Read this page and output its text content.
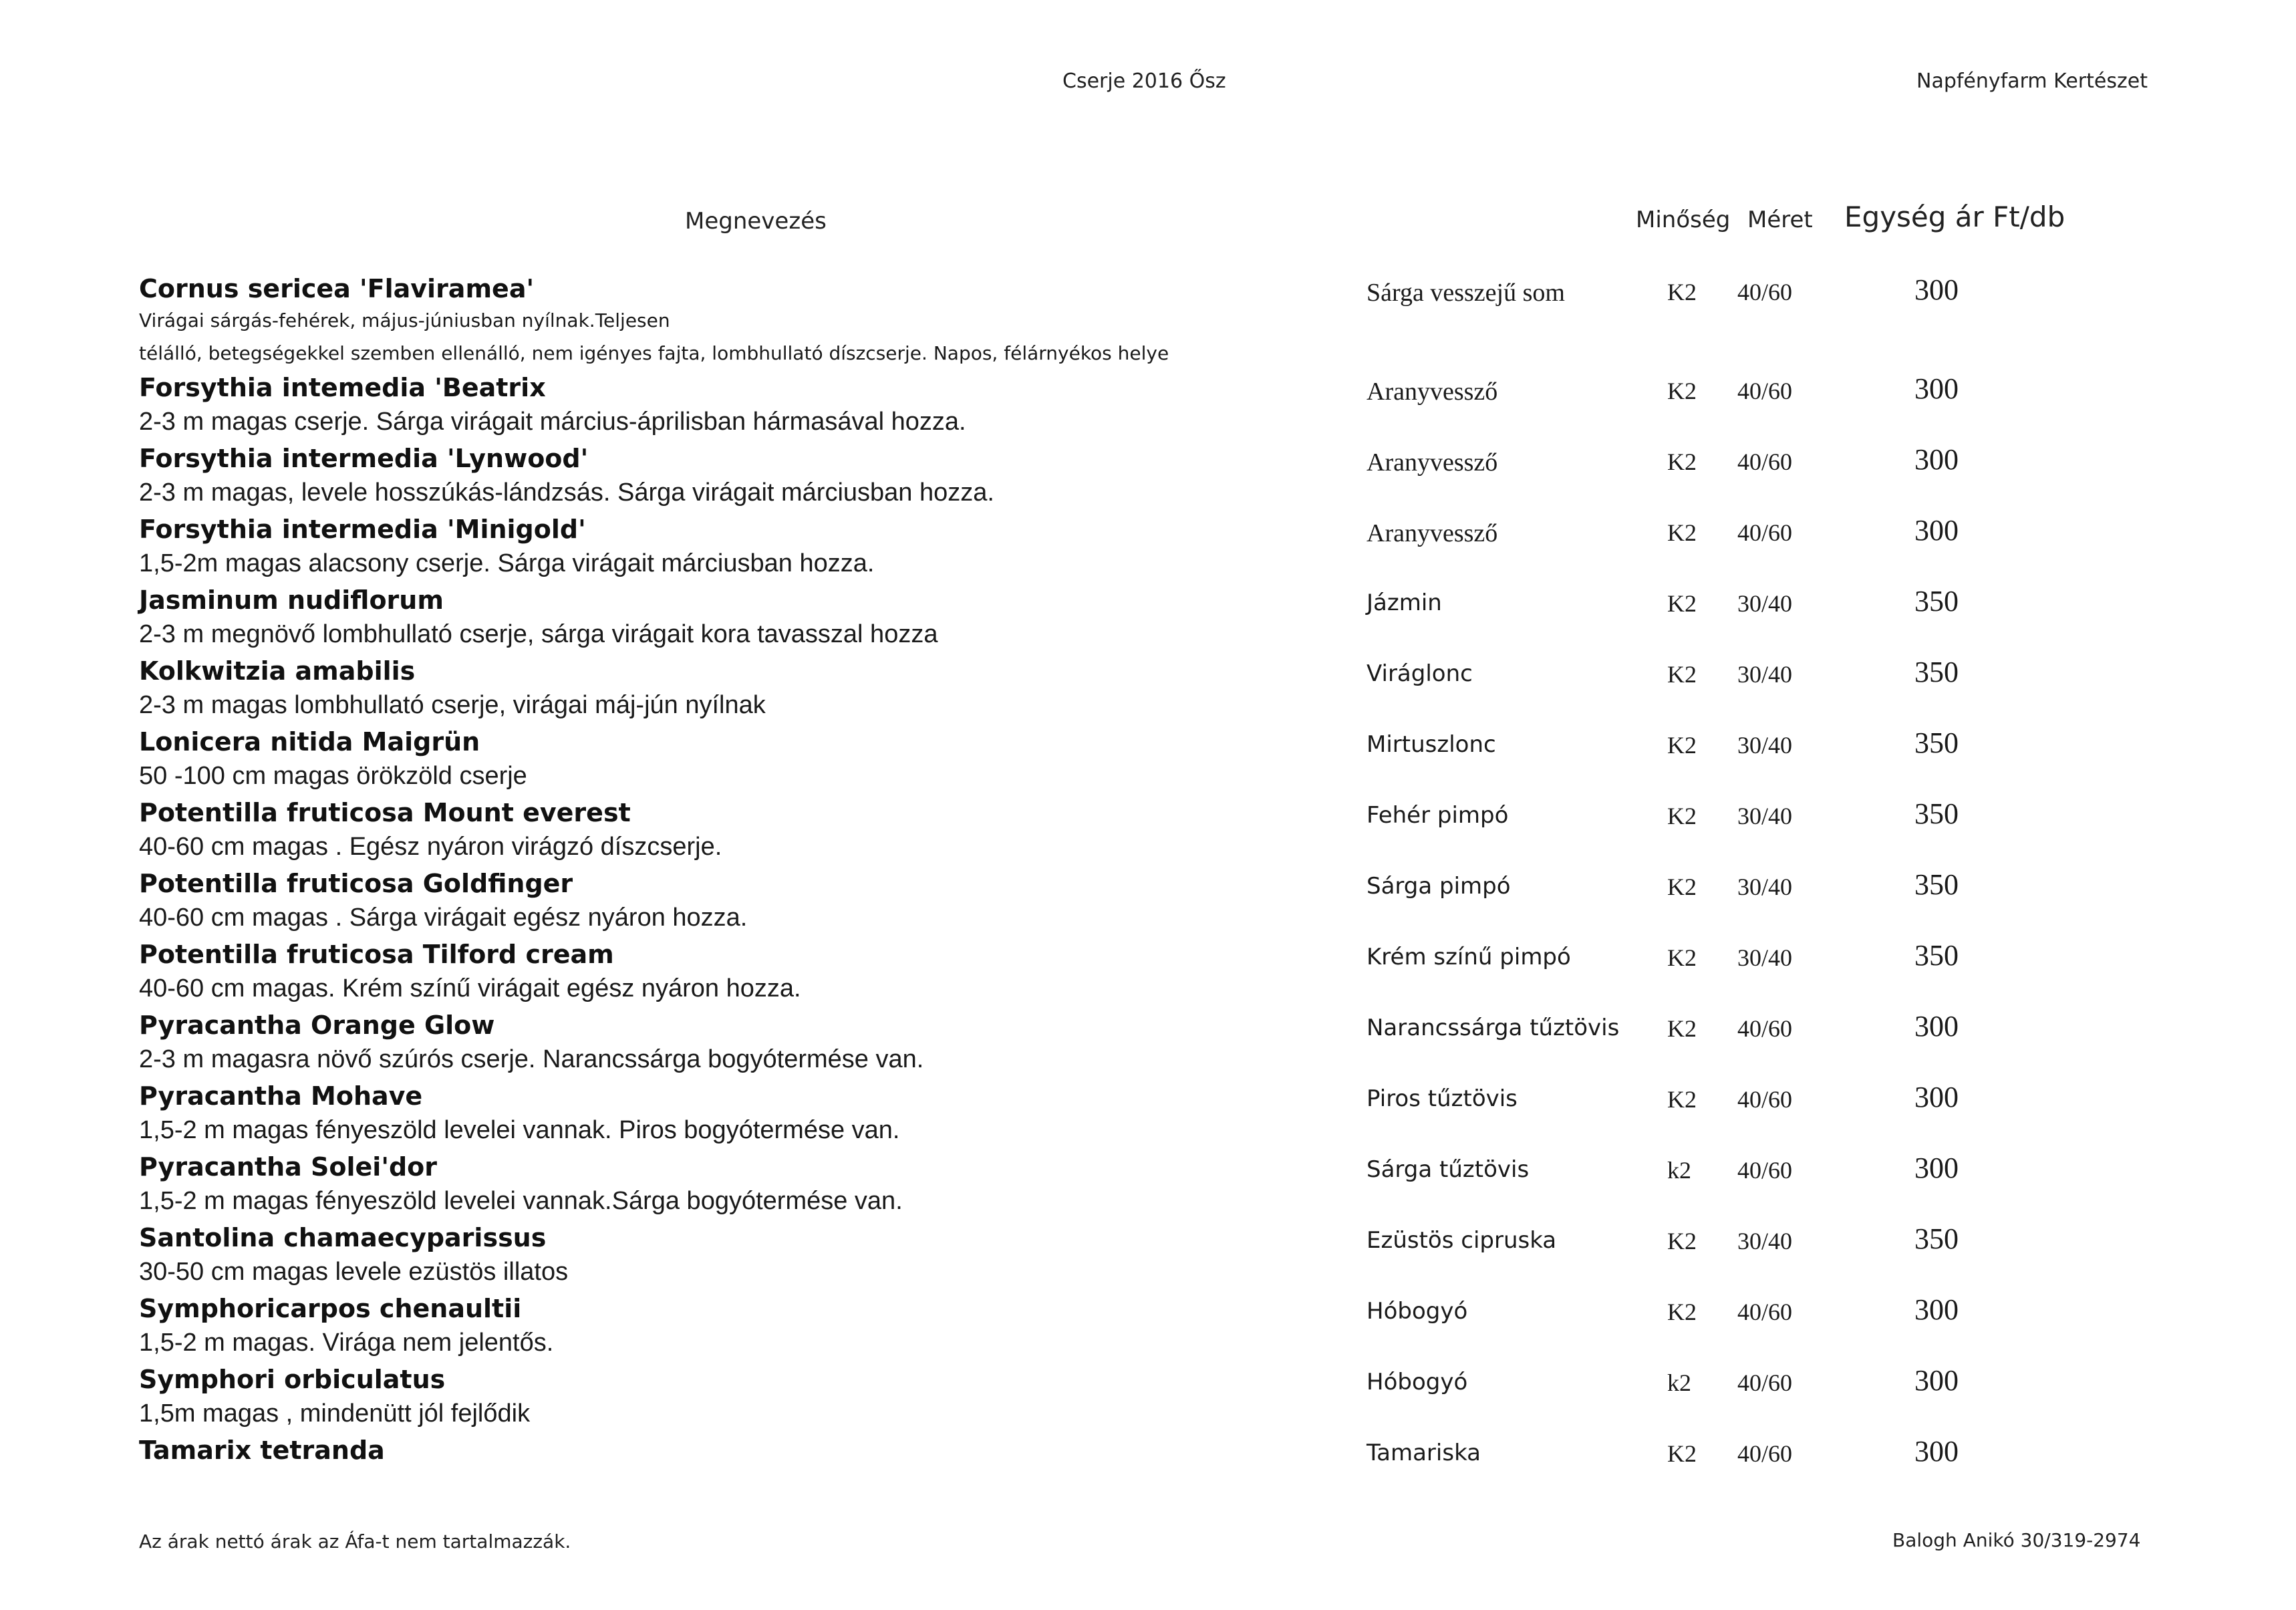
Cserje 2016 Ősz	Napfényfarm Kertészet
Megnevezés	Minőség Méret Egység ár Ft/db
Cornus sericea 'Flaviramea'
Virágai sárgás-fehérek, május-júniusban nyílnak.Teljesen
télálló, betegségekkel szemben ellenálló, nem igényes fajta, lombhullató díszcserje. Napos, félárnyékos helye
Sárga vesszejű som	K2 40/60	300
Forsythia intemedia 'Beatrix
2-3 m magas cserje. Sárga virágait március-áprilisban hármasával hozza.
Aranyvessző	K2 40/60	300
Forsythia intermedia 'Lynwood'
2-3 m magas, levele hosszúkás-lándzsás. Sárga virágait márciusban hozza.
Aranyvessző	K2 40/60	300
Forsythia intermedia 'Minigold'
1,5-2m magas alacsony cserje. Sárga virágait márciusban hozza.
Aranyvessző	K2 40/60	300
Jasminum nudiflorum
2-3 m megnövő lombhullató cserje, sárga virágait kora tavasszal hozza
Jázmin	K2 30/40	350
Kolkwitzia amabilis
2-3 m magas lombhullató cserje, virágai máj-jún nyílnak
Viráglonc	K2 30/40	350
Lonicera nitida Maigrün
50 -100 cm magas örökzöld cserje
Mirtuszlonc	K2 30/40	350
Potentilla fruticosa Mount everest
40-60 cm magas . Egész nyáron virágzó díszcserje.
Fehér pimpó	K2 30/40	350
Potentilla fruticosa Goldfinger
40-60 cm magas . Sárga virágait egész nyáron hozza.
Sárga pimpó	K2 30/40	350
Potentilla fruticosa Tilford cream
40-60 cm magas. Krém színű virágait egész nyáron hozza.
Krém színű pimpó	K2 30/40	350
Pyracantha Orange Glow
2-3 m magasra növő szúrós cserje. Narancssárga bogyótermése van.
Narancssárga tűztövis K2 40/60	300
Pyracantha Mohave
1,5-2 m magas fényeszöld levelei vannak. Piros bogyótermése van.
Piros tűztövis	K2 40/60	300
Pyracantha Solei'dor
1,5-2 m magas fényeszöld levelei vannak.Sárga bogyótermése van.
Sárga tűztövis	k2 40/60	300
Santolina chamaecyparissus
30-50 cm magas levele ezüstös illatos
Ezüstös cipruska	K2 30/40	350
Symphoricarpos chenaultii
1,5-2 m magas. Virága nem jelentős.
Hóbogyó	K2 40/60	300
Symphori orbiculatus
1,5m magas , mindenütt jól fejlődik
Hóbogyó	k2 40/60	300
Tamarix tetranda	Tamariska	K2 40/60	300
Az árak nettó árak az Áfa-t nem tartalmazzák.	Balogh Anikó 30/319-2974
